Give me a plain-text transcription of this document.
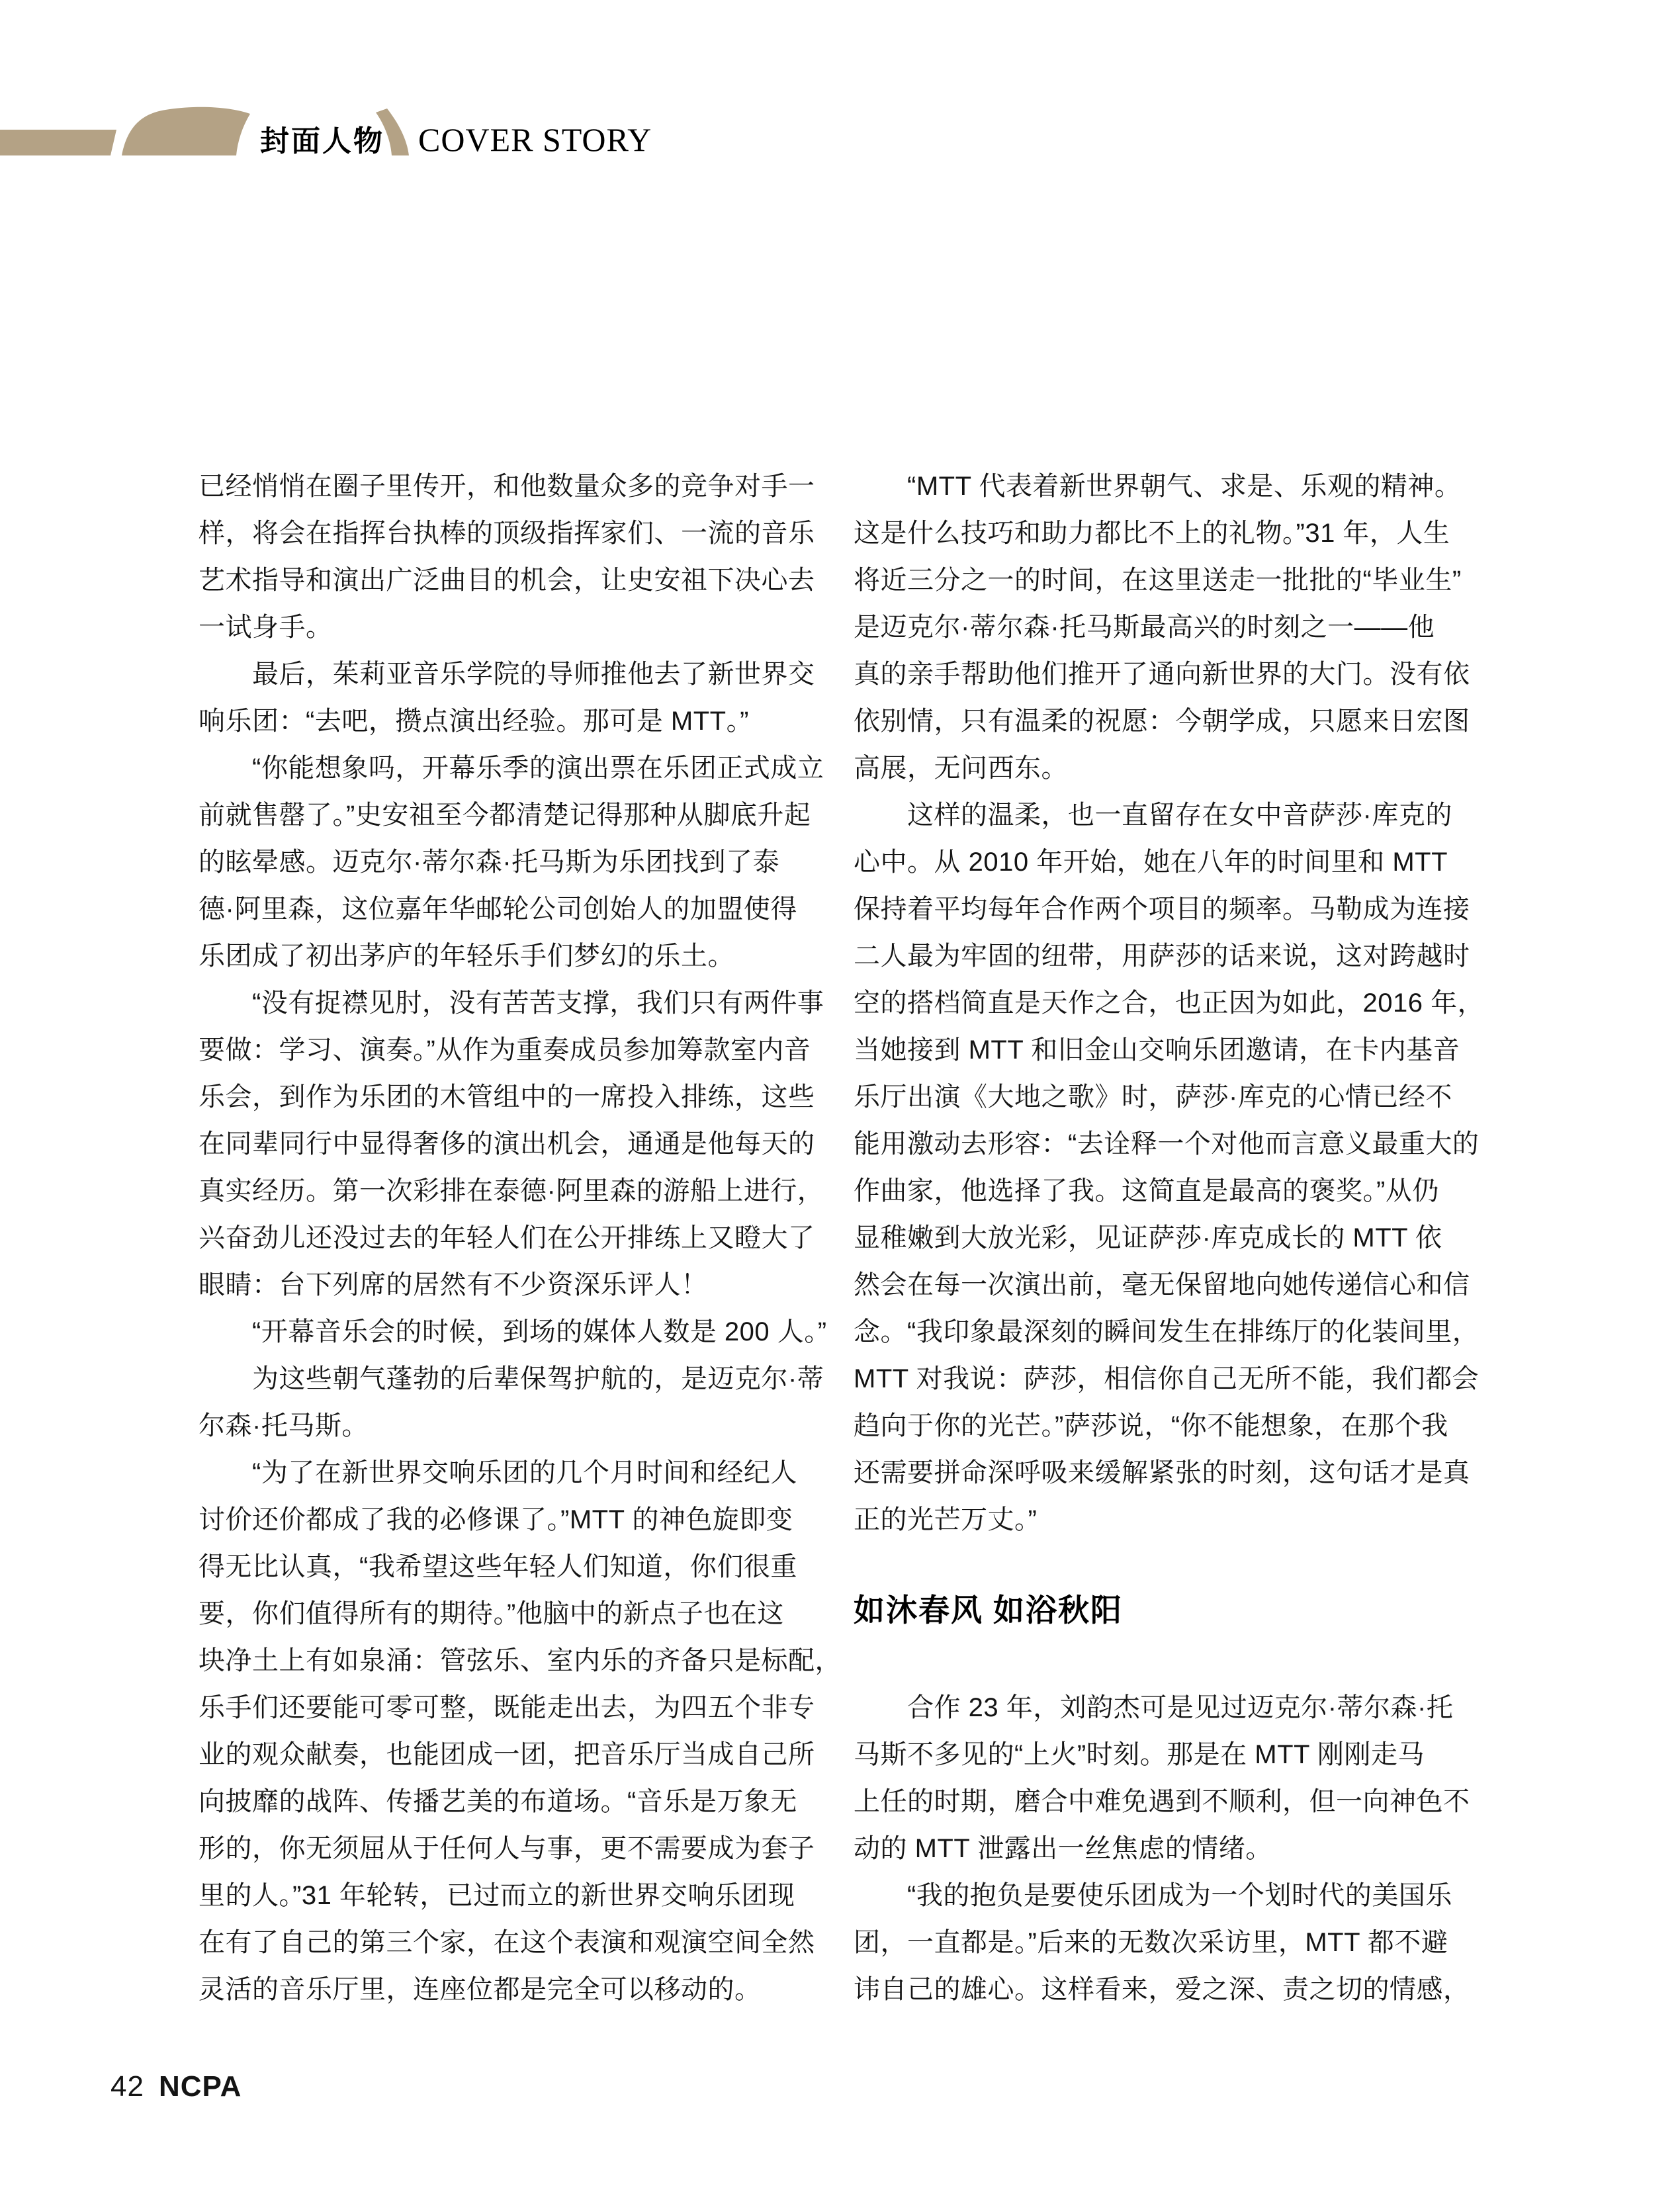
封面人物 COVER STORY
已经悄悄在圈子里传开，和他数量众多的竞争对手一
样，将会在指挥台执棒的顶级指挥家们、一流的音乐
艺术指导和演出广泛曲目的机会，让史安祖下决心去
一试身手。
　　最后，茱莉亚音乐学院的导师推他去了新世界交
响乐团：“去吧，攒点演出经验。那可是 MTT。”
　　“你能想象吗，开幕乐季的演出票在乐团正式成立
前就售罄了。”史安祖至今都清楚记得那种从脚底升起
的眩晕感。迈克尔·蒂尔森·托马斯为乐团找到了泰
德·阿里森，这位嘉年华邮轮公司创始人的加盟使得
乐团成了初出茅庐的年轻乐手们梦幻的乐土。
　　“没有捉襟见肘，没有苦苦支撑，我们只有两件事
要做：学习、演奏。”从作为重奏成员参加筹款室内音
乐会，到作为乐团的木管组中的一席投入排练，这些
在同辈同行中显得奢侈的演出机会，通通是他每天的
真实经历。第一次彩排在泰德·阿里森的游船上进行，
兴奋劲儿还没过去的年轻人们在公开排练上又瞪大了
眼睛：台下列席的居然有不少资深乐评人！
　　“开幕音乐会的时候，到场的媒体人数是 200 人。”
　　为这些朝气蓬勃的后辈保驾护航的，是迈克尔·蒂
尔森·托马斯。
　　“为了在新世界交响乐团的几个月时间和经纪人
讨价还价都成了我的必修课了。”MTT 的神色旋即变
得无比认真，“我希望这些年轻人们知道，你们很重
要，你们值得所有的期待。”他脑中的新点子也在这
块净土上有如泉涌：管弦乐、室内乐的齐备只是标配，
乐手们还要能可零可整，既能走出去，为四五个非专
业的观众献奏，也能团成一团，把音乐厅当成自己所
向披靡的战阵、传播艺美的布道场。“音乐是万象无
形的，你无须屈从于任何人与事，更不需要成为套子
里的人。”31 年轮转，已过而立的新世界交响乐团现
在有了自己的第三个家，在这个表演和观演空间全然
灵活的音乐厅里，连座位都是完全可以移动的。
　　“MTT 代表着新世界朝气、求是、乐观的精神。
这是什么技巧和助力都比不上的礼物。”31 年，人生
将近三分之一的时间，在这里送走一批批的“毕业生”
是迈克尔·蒂尔森·托马斯最高兴的时刻之一——他
真的亲手帮助他们推开了通向新世界的大门。没有依
依别情，只有温柔的祝愿：今朝学成，只愿来日宏图
高展，无问西东。
　　这样的温柔，也一直留存在女中音萨莎·库克的
心中。从 2010 年开始，她在八年的时间里和 MTT
保持着平均每年合作两个项目的频率。马勒成为连接
二人最为牢固的纽带，用萨莎的话来说，这对跨越时
空的搭档简直是天作之合，也正因为如此，2016 年，
当她接到 MTT 和旧金山交响乐团邀请，在卡内基音
乐厅出演《大地之歌》时，萨莎·库克的心情已经不
能用激动去形容：“去诠释一个对他而言意义最重大的
作曲家，他选择了我。这简直是最高的褒奖。”从仍
显稚嫩到大放光彩，见证萨莎·库克成长的 MTT 依
然会在每一次演出前，毫无保留地向她传递信心和信
念。“我印象最深刻的瞬间发生在排练厅的化装间里，
MTT 对我说：萨莎，相信你自己无所不能，我们都会
趋向于你的光芒。”萨莎说，“你不能想象，在那个我
还需要拼命深呼吸来缓解紧张的时刻，这句话才是真
正的光芒万丈。”
如沐春风 如浴秋阳
　　合作 23 年，刘韵杰可是见过迈克尔·蒂尔森·托
马斯不多见的“上火”时刻。那是在 MTT 刚刚走马
上任的时期，磨合中难免遇到不顺利，但一向神色不
动的 MTT 泄露出一丝焦虑的情绪。
　　“我的抱负是要使乐团成为一个划时代的美国乐
团，一直都是。”后来的无数次采访里，MTT 都不避
讳自己的雄心。这样看来，爱之深、责之切的情感，
42 NCPA
